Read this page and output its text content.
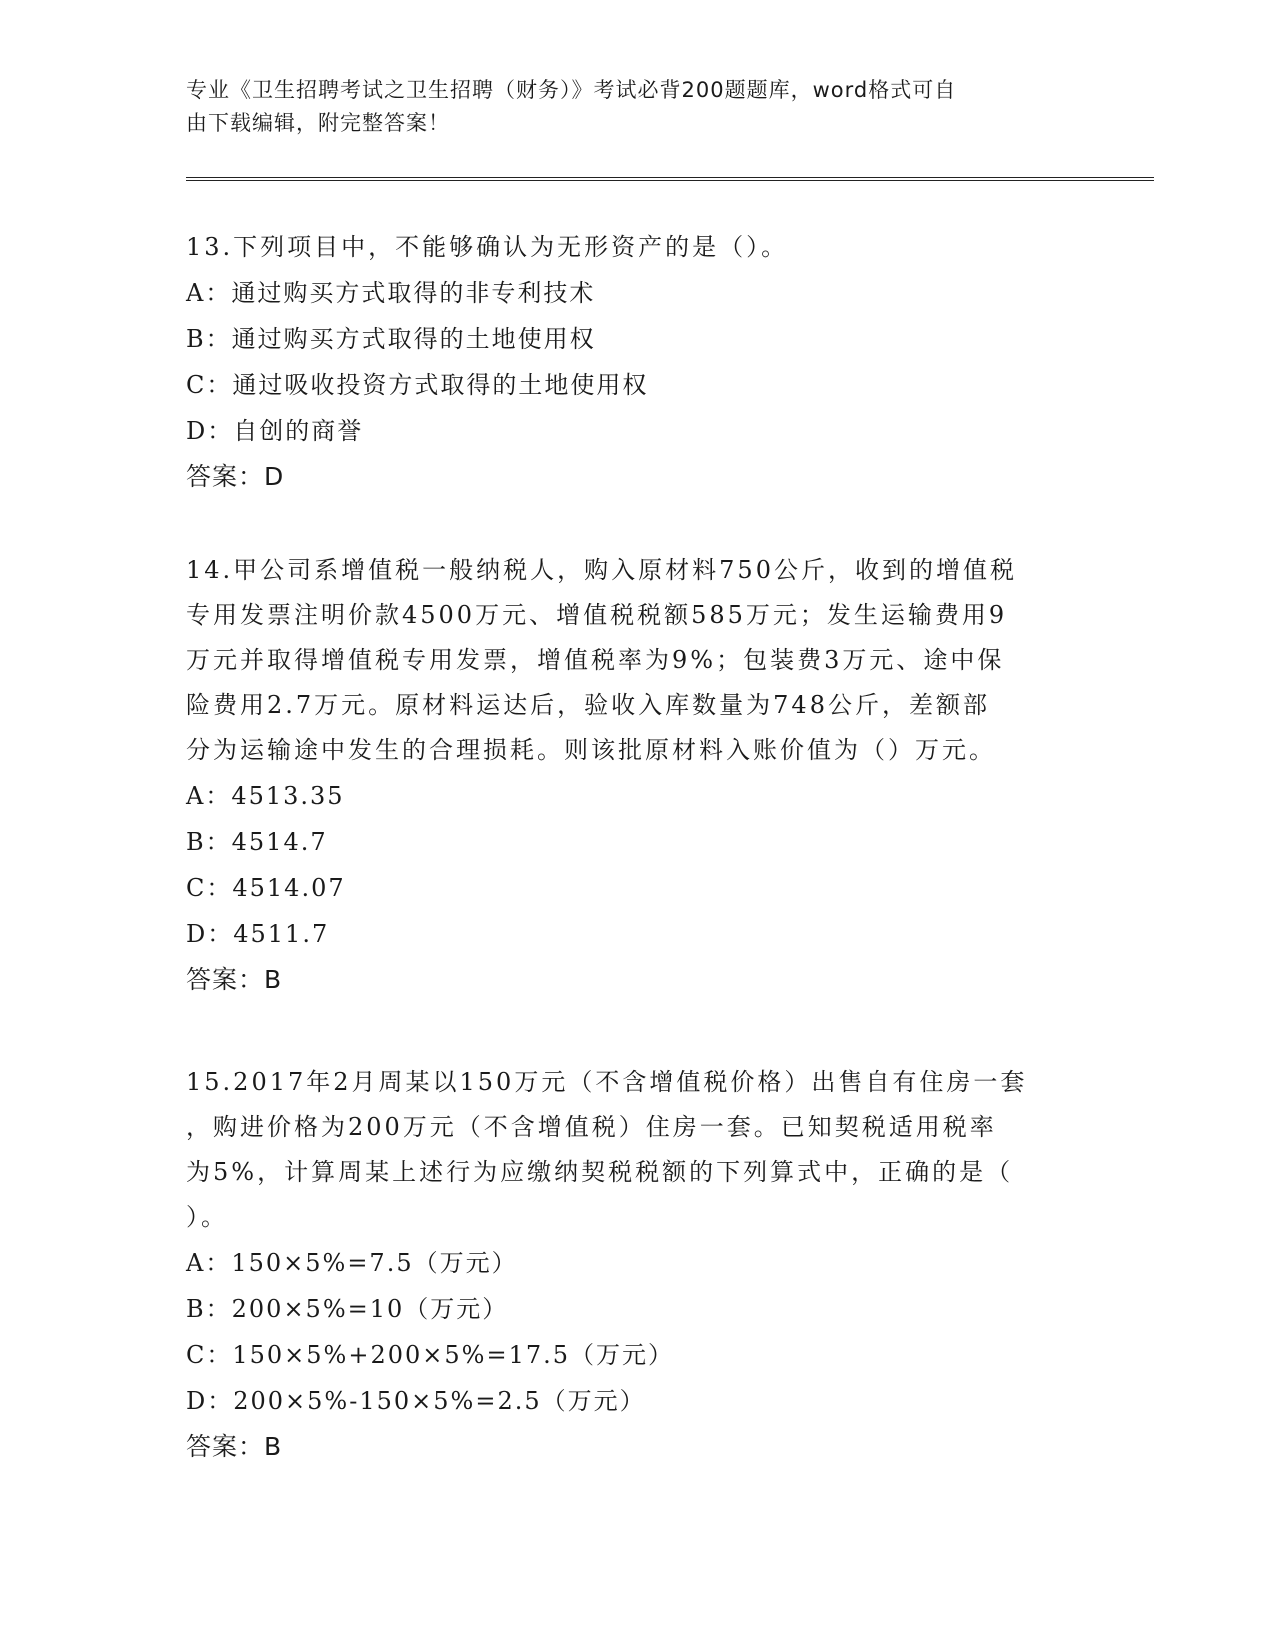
专业《卫生招聘考试之卫生招聘（财务）》考试必背200题题库，word格式可自
由下载编辑，附完整答案！
13.下列项目中，不能够确认为无形资产的是（）。
A：通过购买方式取得的非专利技术
B：通过购买方式取得的土地使用权
C：通过吸收投资方式取得的土地使用权
D：自创的商誉
答案：D
14.甲公司系增值税一般纳税人，购入原材料750公斤，收到的增值税
专用发票注明价款4500万元、增值税税额585万元；发生运输费用9
万元并取得增值税专用发票，增值税率为9%；包装费3万元、途中保
险费用2.7万元。原材料运达后，验收入库数量为748公斤，差额部
分为运输途中发生的合理损耗。则该批原材料入账价值为（）万元。
A：4513.35
B：4514.7
C：4514.07
D：4511.7
答案：B
15.2017年2月周某以150万元（不含增值税价格）出售自有住房一套
，购进价格为200万元（不含增值税）住房一套。已知契税适用税率
为5%，计算周某上述行为应缴纳契税税额的下列算式中，正确的是（
）。
A：150×5%=7.5（万元）
B：200×5%=10（万元）
C：150×5%+200×5%=17.5（万元）
D：200×5%-150×5%=2.5（万元）
答案：B
